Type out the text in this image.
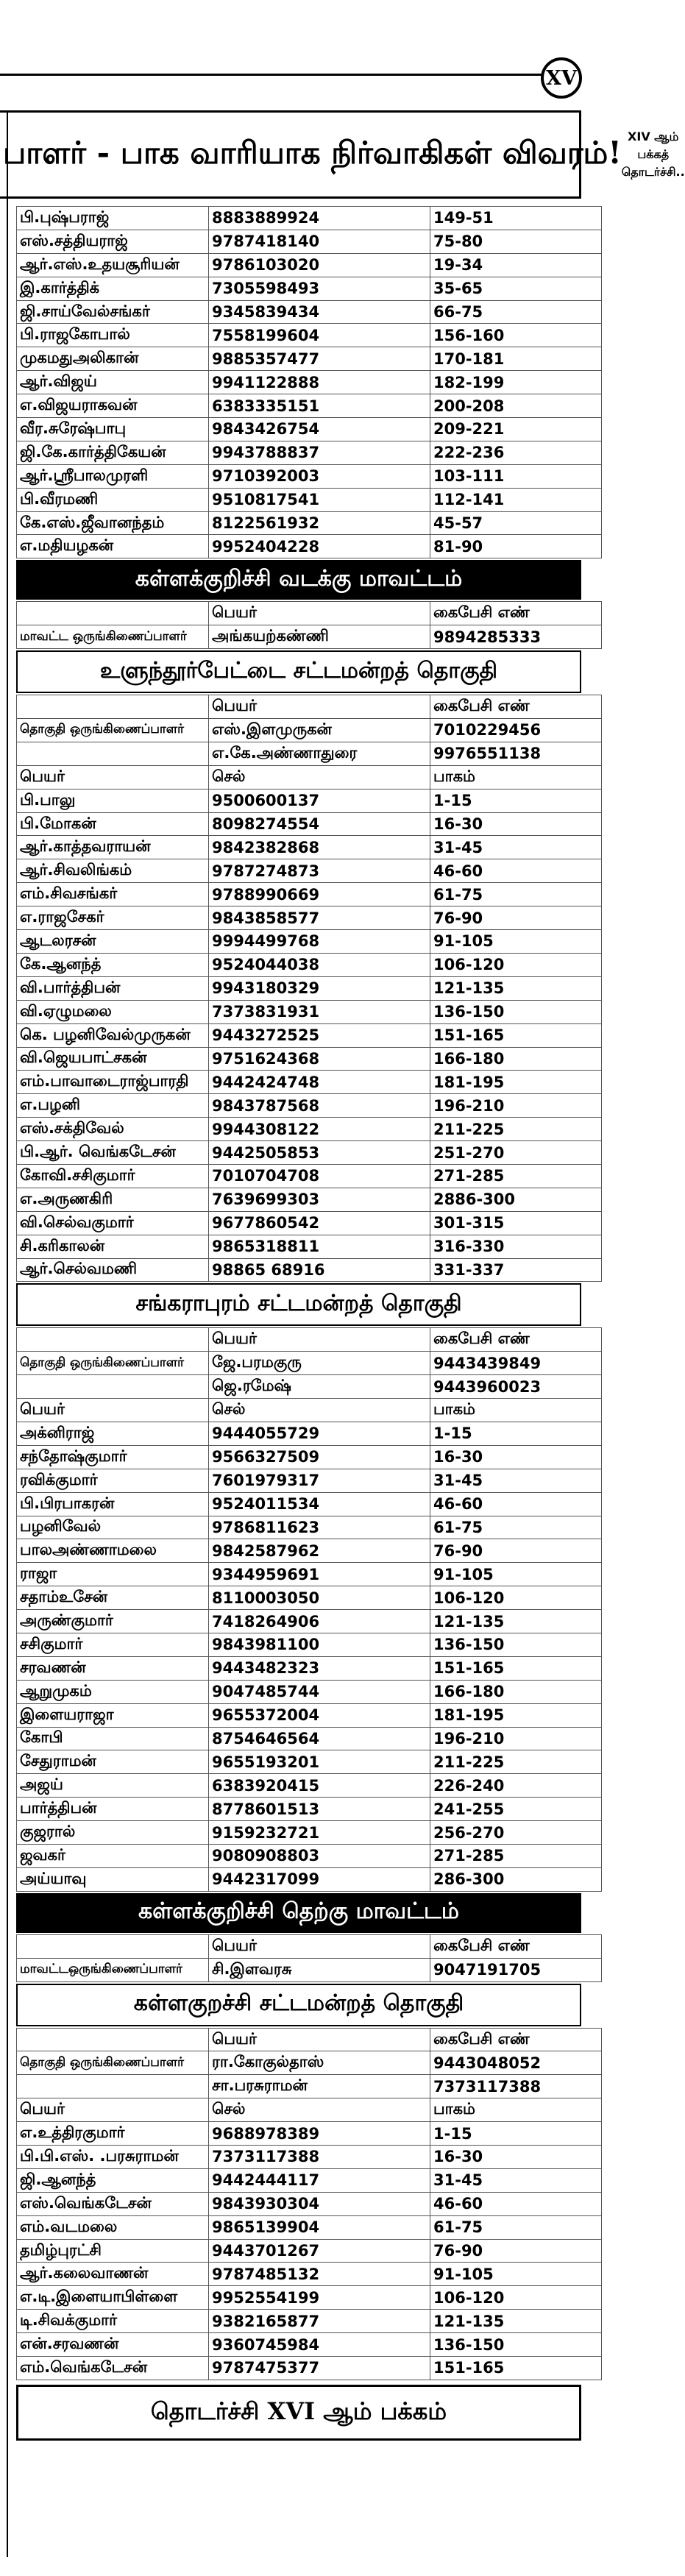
XV
பாளர் - பாக வாரியாக நிர்வாகிகள் விவரம்! XIV ஆம் பக்கத்
தொடர்ச்சி..
பி.புஷ்பராஜ்	8883889924	149-51
எஸ்.சத்தியராஜ்	9787418140	75-80
ஆர்.எஸ்.உதயசூரியன்	9786103020	19-34
இ.கார்த்திக்	7305598493	35-65
ஜி.சாய்வேல்சங்கர்	9345839434	66-75
பி.ராஜகோபால்	7558199604	156-160
முகமதுஅலிகான்	9885357477	170-181
ஆர்.விஜய்	9941122888	182-199
எ.விஜயராகவன்	6383335151	200-208
வீர.சுரேஷ்பாபு	9843426754	209-221
ஜி.கே.கார்த்திகேயன்	9943788837	222-236
ஆர்.ஸ்ரீபாலமுரளி	9710392003	103-111
பி.வீரமணி	9510817541	112-141
கே.எஸ்.ஜீவானந்தம்	8122561932	45-57
எ.மதியழகன்	9952404228	81-90
கள்ளக்குறிச்சி வடக்கு மாவட்டம்
	பெயர்	கைபேசி எண்
மாவட்ட ஒருங்கிணைப்பாளர்	அங்கயற்கண்ணி	9894285333
உளுந்தூர்பேட்டை சட்டமன்றத் தொகுதி
	பெயர்	கைபேசி எண்
தொகுதி ஒருங்கிணைப்பாளர்	எஸ்.இளமுருகன்	7010229456
	எ.கே.அண்ணாதுரை	9976551138
பெயர்	செல்	பாகம்
பி.பாலு	9500600137	1-15
பி.மோகன்	8098274554	16-30
ஆர்.காத்தவராயன்	9842382868	31-45
ஆர்.சிவலிங்கம்	9787274873	46-60
எம்.சிவசங்கர்	9788990669	61-75
எ.ராஜசேகர்	9843858577	76-90
ஆடலரசன்	9994499768	91-105
கே.ஆனந்த்	9524044038	106-120
வி.பார்த்திபன்	9943180329	121-135
வி.ஏழுமலை	7373831931	136-150
கெ. பழனிவேல்முருகன்	9443272525	151-165
வி.ஜெயபாட்சகன்	9751624368	166-180
எம்.பாவாடைராஜ்பாரதி	9442424748	181-195
எ.பழனி	9843787568	196-210
எஸ்.சக்திவேல்	9944308122	211-225
பி.ஆர். வெங்கடேசன்	9442505853	251-270
கோவி.சசிகுமார்	7010704708	271-285
எ.அருணகிரி	7639699303	2886-300
வி.செல்வகுமார்	9677860542	301-315
சி.கரிகாலன்	9865318811	316-330
ஆர்.செல்வமணி	98865 68916	331-337
சங்கராபுரம் சட்டமன்றத் தொகுதி
	பெயர்	கைபேசி எண்
தொகுதி ஒருங்கிணைப்பாளர்	ஜே.பரமகுரு	9443439849
	ஜெ.ரமேஷ்	9443960023
பெயர்	செல்	பாகம்
அக்னிராஜ்	9444055729	1-15
சந்தோஷ்குமார்	9566327509	16-30
ரவிக்குமார்	7601979317	31-45
பி.பிரபாகரன்	9524011534	46-60
பழனிவேல்	9786811623	61-75
பாலஅண்ணாமலை	9842587962	76-90
ராஜா	9344959691	91-105
சதாம்உசேன்	8110003050	106-120
அருண்குமார்	7418264906	121-135
சசிகுமார்	9843981100	136-150
சரவணன்	9443482323	151-165
ஆறுமுகம்	9047485744	166-180
இளையராஜா	9655372004	181-195
கோபி	8754646564	196-210
சேதுராமன்	9655193201	211-225
அஜய்	6383920415	226-240
பார்த்திபன்	8778601513	241-255
குஜரால்	9159232721	256-270
ஜவகர்	9080908803	271-285
அய்யாவு	9442317099	286-300
கள்ளக்குறிச்சி தெற்கு மாவட்டம்
	பெயர்	கைபேசி எண்
மாவட்டஒருங்கிணைப்பாளர்	சி.இளவரசு	9047191705
கள்ளகுறச்சி சட்டமன்றத் தொகுதி
	பெயர்	கைபேசி எண்
தொகுதி ஒருங்கிணைப்பாளர்	ரா.கோகுல்தாஸ்	9443048052
	சா.பரசுராமன்	7373117388
பெயர்	செல்	பாகம்
எ.உத்திரகுமார்	9688978389	1-15
பி.பி.எஸ். .பரசுராமன்	7373117388	16-30
ஜி.ஆனந்த்	9442444117	31-45
எஸ்.வெங்கடேசன்	9843930304	46-60
எம்.வடமலை	9865139904	61-75
தமிழ்புரட்சி	9443701267	76-90
ஆர்.கலைவாணன்	9787485132	91-105
எ.டி.இளையாபிள்ளை	9952554199	106-120
டி.சிவக்குமார்	9382165877	121-135
என்.சரவணன்	9360745984	136-150
எம்.வெங்கடேசன்	9787475377	151-165
தொடர்ச்சி XVI ஆம் பக்கம்
